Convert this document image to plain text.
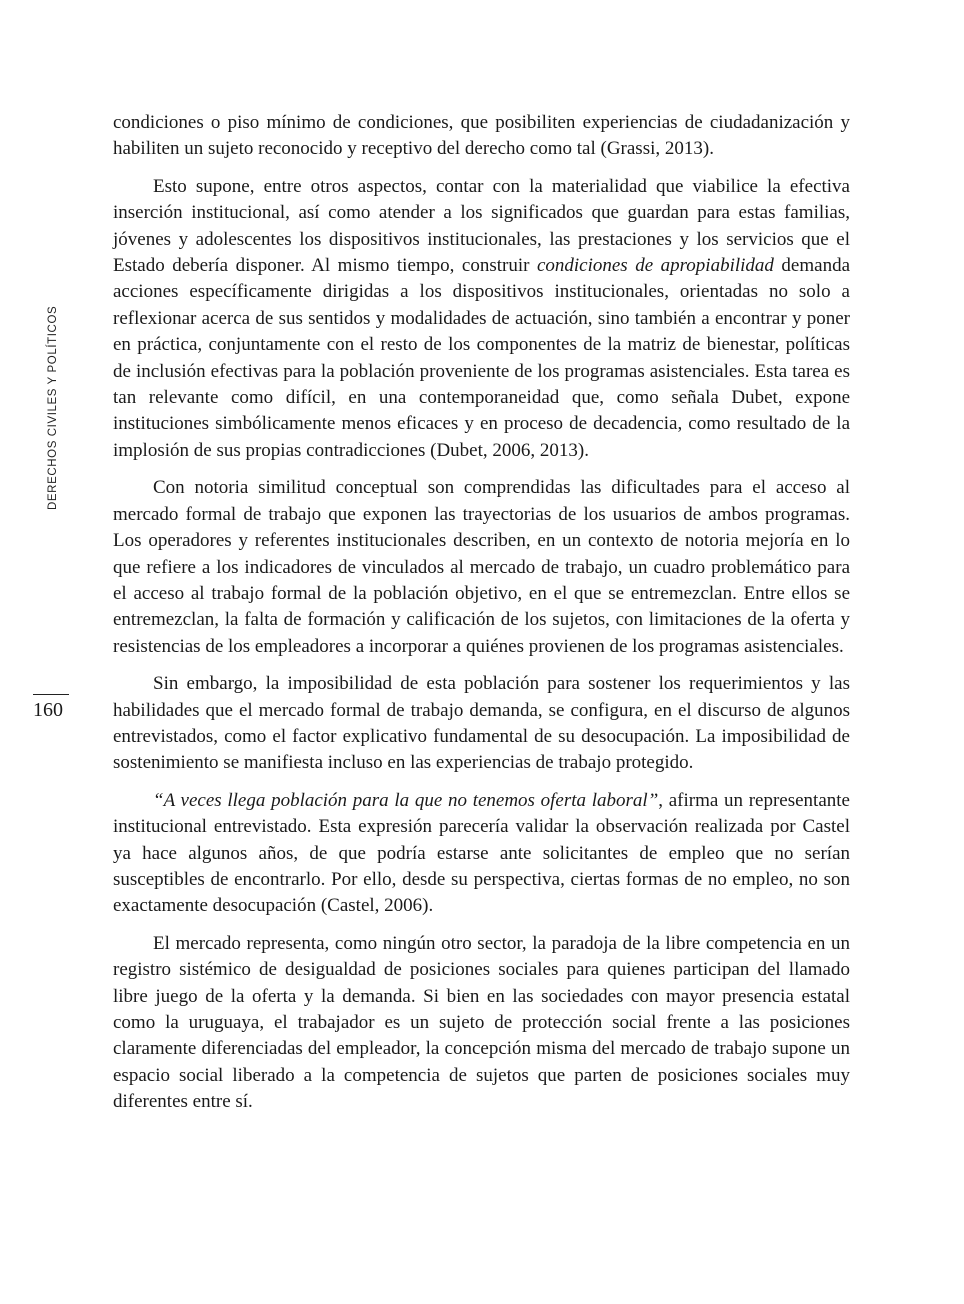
DERECHOS CIVILES Y POLÍTICOS
160

condiciones o piso mínimo de condiciones, que posibiliten experiencias de ciudadanización y habiliten un sujeto reconocido y receptivo del derecho como tal (Grassi, 2013).

Esto supone, entre otros aspectos, contar con la materialidad que viabilice la efectiva inserción institucional, así como atender a los significados que guardan para estas familias, jóvenes y adolescentes los dispositivos institucionales, las prestaciones y los servicios que el Estado debería disponer. Al mismo tiempo, construir condiciones de apropiabilidad demanda acciones específicamente dirigidas a los dispositivos institucionales, orientadas no solo a reflexionar acerca de sus sentidos y modalidades de actuación, sino también a encontrar y poner en práctica, conjuntamente con el resto de los componentes de la matriz de bienestar, políticas de inclusión efectivas para la población proveniente de los programas asistenciales. Esta tarea es tan relevante como difícil, en una contemporaneidad que, como señala Dubet, expone instituciones simbólicamente menos eficaces y en proceso de decadencia, como resultado de la implosión de sus propias contradicciones (Dubet, 2006, 2013).

Con notoria similitud conceptual son comprendidas las dificultades para el acceso al mercado formal de trabajo que exponen las trayectorias de los usuarios de ambos programas. Los operadores y referentes institucionales describen, en un contexto de notoria mejoría en lo que refiere a los indicadores de vinculados al mercado de trabajo, un cuadro problemático para el acceso al trabajo formal de la población objetivo, en el que se entremezclan. Entre ellos se entremezclan, la falta de formación y calificación de los sujetos, con limitaciones de la oferta y resistencias de los empleadores a incorporar a quiénes provienen de los programas asistenciales.

Sin embargo, la imposibilidad de esta población para sostener los requerimientos y las habilidades que el mercado formal de trabajo demanda, se configura, en el discurso de algunos entrevistados, como el factor explicativo fundamental de su desocupación. La imposibilidad de sostenimiento se manifiesta incluso en las experiencias de trabajo protegido.

“A veces llega población para la que no tenemos oferta laboral”, afirma un representante institucional entrevistado. Esta expresión parecería validar la observación realizada por Castel ya hace algunos años, de que podría estarse ante solicitantes de empleo que no serían susceptibles de encontrarlo. Por ello, desde su perspectiva, ciertas formas de no empleo, no son exactamente desocupación (Castel, 2006).

El mercado representa, como ningún otro sector, la paradoja de la libre competencia en un registro sistémico de desigualdad de posiciones sociales para quienes participan del llamado libre juego de la oferta y la demanda. Si bien en las sociedades con mayor presencia estatal como la uruguaya, el trabajador es un sujeto de protección social frente a las posiciones claramente diferenciadas del empleador, la concepción misma del mercado de trabajo supone un espacio social liberado a la competencia de sujetos que parten de posiciones sociales muy diferentes entre sí.
